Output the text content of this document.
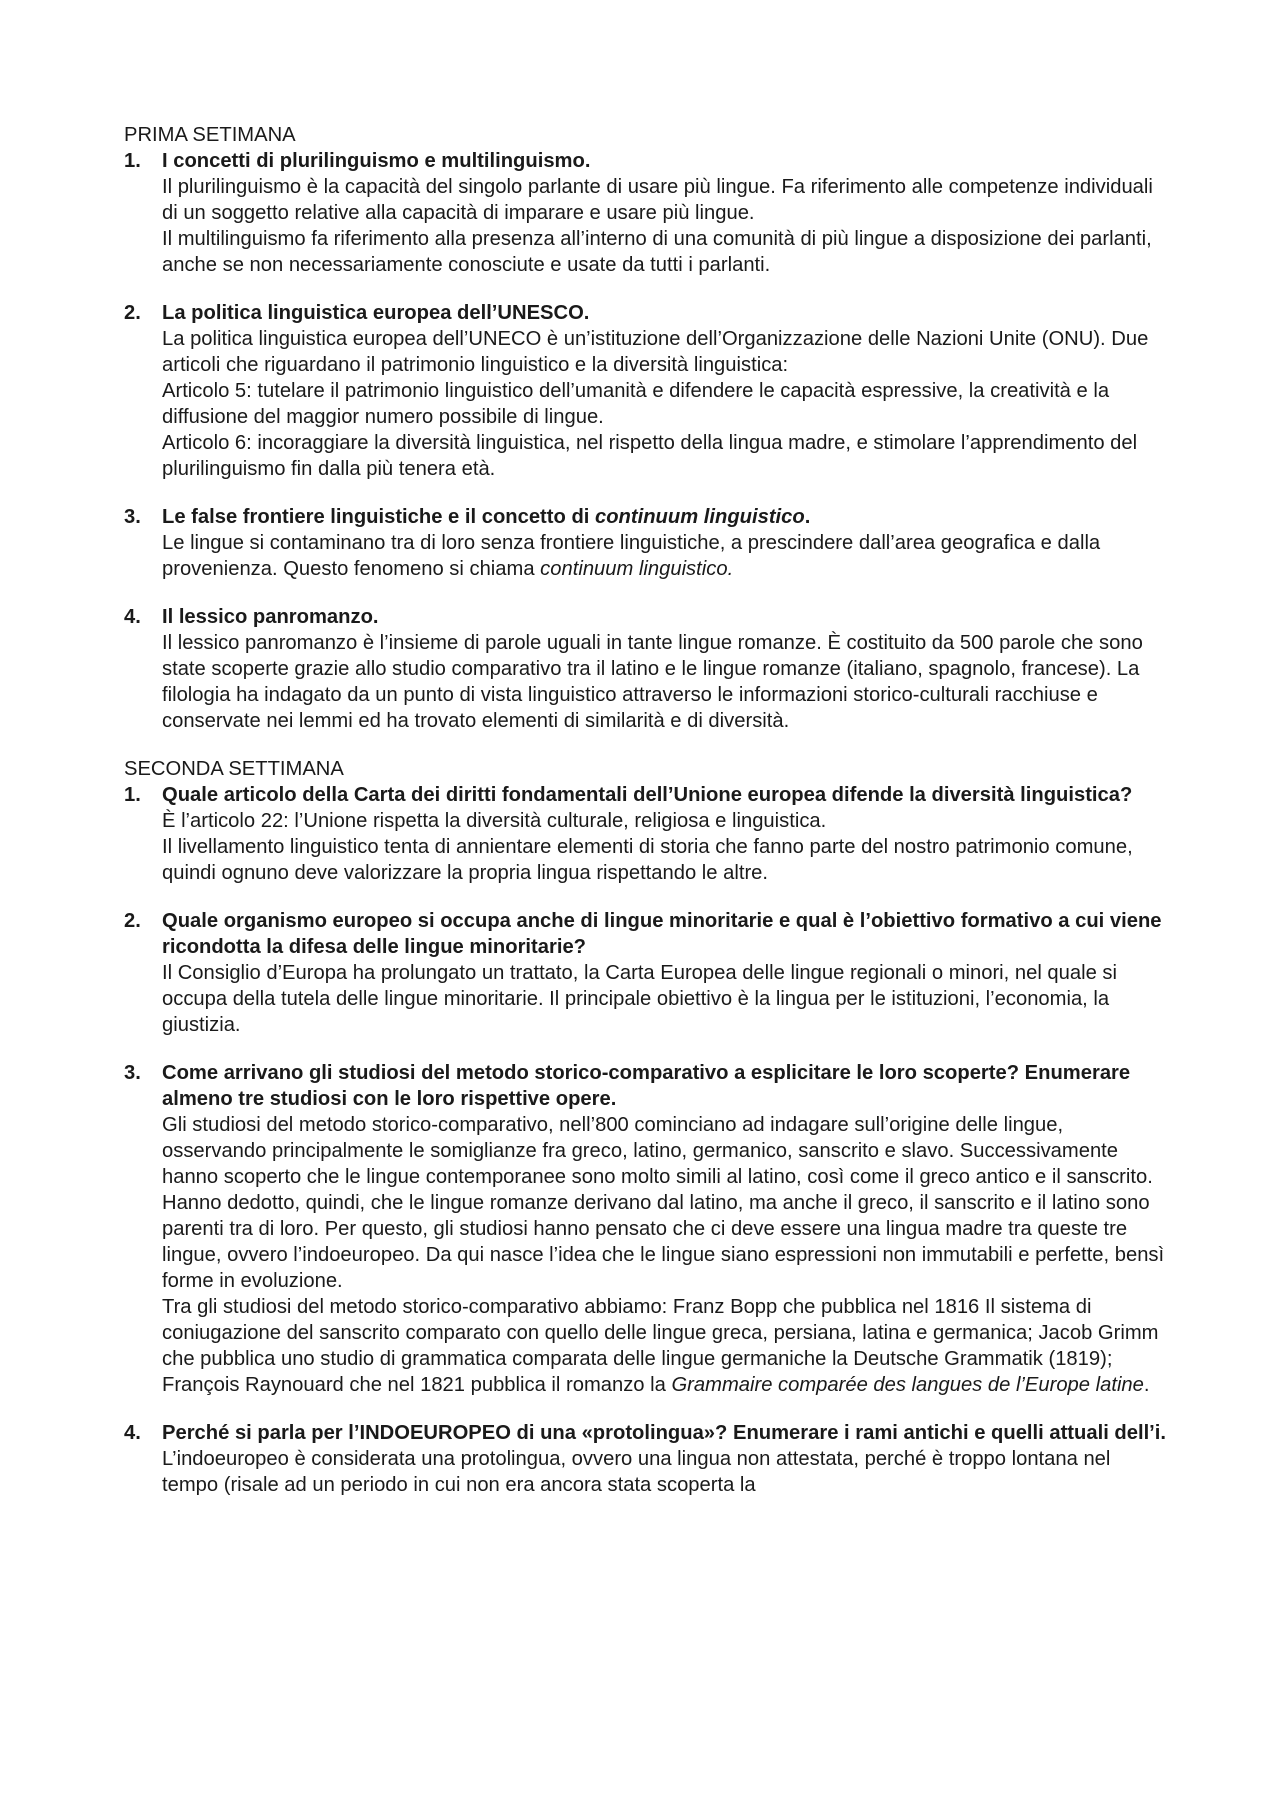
PRIMA SETIMANA
1. I concetti di plurilinguismo e multilinguismo.

Il plurilinguismo è la capacità del singolo parlante di usare più lingue. Fa riferimento alle competenze individuali di un soggetto relative alla capacità di imparare e usare più lingue.

Il multilinguismo fa riferimento alla presenza all’interno di una comunità di più lingue a disposizione dei parlanti, anche se non necessariamente conosciute e usate da tutti i parlanti.

2. La politica linguistica europea dell’UNESCO.

La politica linguistica europea dell’UNECO è un’istituzione dell’Organizzazione delle Nazioni Unite (ONU). Due articoli che riguardano il patrimonio linguistico e la diversità linguistica:

Articolo 5: tutelare il patrimonio linguistico dell’umanità e difendere le capacità espressive, la creatività e la diffusione del maggior numero possibile di lingue.

Articolo 6: incoraggiare la diversità linguistica, nel rispetto della lingua madre, e stimolare l’apprendimento del plurilinguismo fin dalla più tenera età.

3. Le false frontiere linguistiche e il concetto di continuum linguistico.

Le lingue si contaminano tra di loro senza frontiere linguistiche, a prescindere dall’area geografica e dalla provenienza. Questo fenomeno si chiama continuum linguistico.

4. Il lessico panromanzo.

Il lessico panromanzo è l’insieme di parole uguali in tante lingue romanze. È costituito da 500 parole che sono state scoperte grazie allo studio comparativo tra il latino e le lingue romanze (italiano, spagnolo, francese). La filologia ha indagato da un punto di vista linguistico attraverso le informazioni storico-culturali racchiuse e conservate nei lemmi ed ha trovato elementi di similarità e di diversità.

SECONDA SETTIMANA
1. Quale articolo della Carta dei diritti fondamentali dell’Unione europea difende la diversità linguistica?

È l’articolo 22: l’Unione rispetta la diversità culturale, religiosa e linguistica.

Il livellamento linguistico tenta di annientare elementi di storia che fanno parte del nostro patrimonio comune, quindi ognuno deve valorizzare la propria lingua rispettando le altre.

2. Quale organismo europeo si occupa anche di lingue minoritarie e qual è l’obiettivo formativo a cui viene ricondotta la difesa delle lingue minoritarie?

Il Consiglio d’Europa ha prolungato un trattato, la Carta Europea delle lingue regionali o minori, nel quale si occupa della tutela delle lingue minoritarie. Il principale obiettivo è la lingua per le istituzioni, l’economia, la giustizia.

3. Come arrivano gli studiosi del metodo storico-comparativo a esplicitare le loro scoperte? Enumerare almeno tre studiosi con le loro rispettive opere.

Gli studiosi del metodo storico-comparativo, nell’800 cominciano ad indagare sull’origine delle lingue, osservando principalmente le somiglianze fra greco, latino, germanico, sanscrito e slavo. Successivamente hanno scoperto che le lingue contemporanee sono molto simili al latino, così come il greco antico e il sanscrito. Hanno dedotto, quindi, che le lingue romanze derivano dal latino, ma anche il greco, il sanscrito e il latino sono parenti tra di loro. Per questo, gli studiosi hanno pensato che ci deve essere una lingua madre tra queste tre lingue, ovvero l’indoeuropeo. Da qui nasce l’idea che le lingue siano espressioni non immutabili e perfette, bensì forme in evoluzione.

Tra gli studiosi del metodo storico-comparativo abbiamo: Franz Bopp che pubblica nel 1816 Il sistema di coniugazione del sanscrito comparato con quello delle lingue greca, persiana, latina e germanica; Jacob Grimm che pubblica uno studio di grammatica comparata delle lingue germaniche la Deutsche Grammatik (1819); François Raynouard che nel 1821 pubblica il romanzo la Grammaire comparée des langues de l’Europe latine.

4. Perché si parla per l’INDOEUROPEO di una «protolingua»? Enumerare i rami antichi e quelli attuali dell’i.

L’indoeuropeo è considerata una protolingua, ovvero una lingua non attestata, perché è troppo lontana nel tempo (risale ad un periodo in cui non era ancora stata scoperta la
